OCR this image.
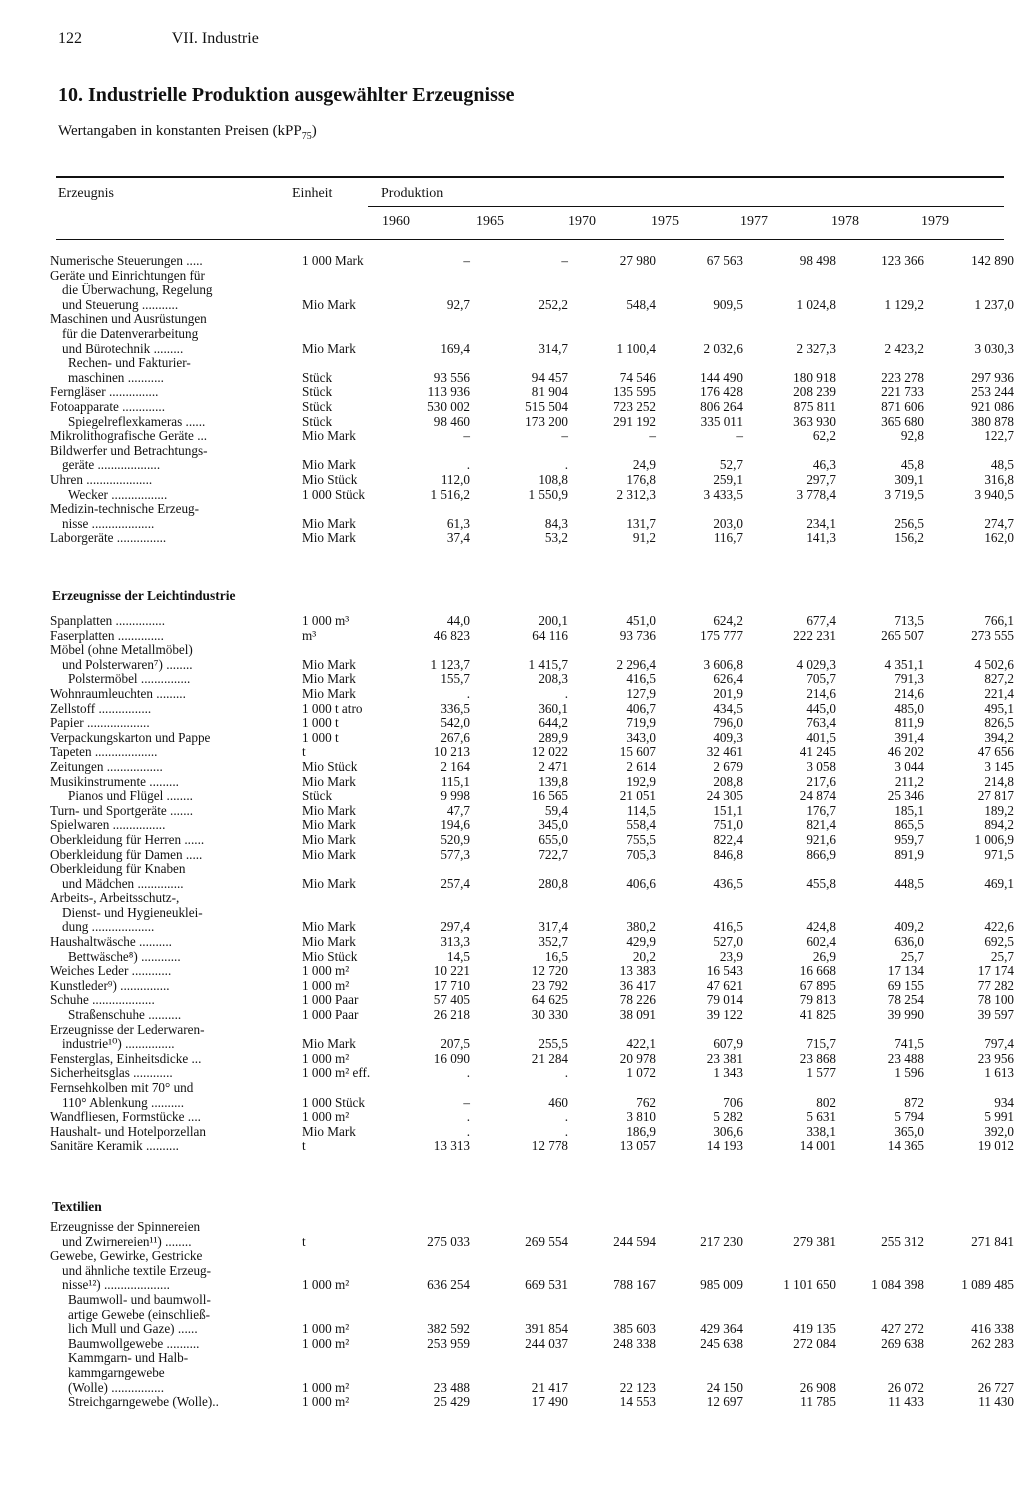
122	VII. Industrie
10. Industrielle Produktion ausgewählter Erzeugnisse
Wertangaben in konstanten Preisen (kPP$_{75}$)
Erzeugnis	Einheit	Produktion
1960	1965	1970	1975	1977	1978	1979
Numerische Steuerungen .....	1 000 Mark	–	–	27 980	67 563	98 498	123 366	142 890
Geräte und Einrichtungen für								
die Überwachung, Regelung								
und Steuerung ...........	Mio Mark	92,7	252,2	548,4	909,5	1 024,8	1 129,2	1 237,0
Maschinen und Ausrüstungen								
für die Datenverarbeitung								
und Bürotechnik .........	Mio Mark	169,4	314,7	1 100,4	2 032,6	2 327,3	2 423,2	3 030,3
Rechen- und Fakturier-								
maschinen ...........	Stück	93 556	94 457	74 546	144 490	180 918	223 278	297 936
Ferngläser ...............	Stück	113 936	81 904	135 595	176 428	208 239	221 733	253 244
Fotoapparate .............	Stück	530 002	515 504	723 252	806 264	875 811	871 606	921 086
Spiegelreflexkameras ......	Stück	98 460	173 200	291 192	335 011	363 930	365 680	380 878
Mikrolithografische Geräte ...	Mio Mark	–	–	–	–	62,2	92,8	122,7
Bildwerfer und Betrachtungs-								
geräte ...................	Mio Mark	.	.	24,9	52,7	46,3	45,8	48,5
Uhren ....................	Mio Stück	112,0	108,8	176,8	259,1	297,7	309,1	316,8
Wecker .................	1 000 Stück	1 516,2	1 550,9	2 312,3	3 433,5	3 778,4	3 719,5	3 940,5
Medizin-technische Erzeug-								
nisse ...................	Mio Mark	61,3	84,3	131,7	203,0	234,1	256,5	274,7
Laborgeräte ...............	Mio Mark	37,4	53,2	91,2	116,7	141,3	156,2	162,0
Erzeugnisse der Leichtindustrie
Spanplatten ...............	1 000 m³	44,0	200,1	451,0	624,2	677,4	713,5	766,1
Faserplatten ..............	m³	46 823	64 116	93 736	175 777	222 231	265 507	273 555
Möbel (ohne Metallmöbel)								
und Polsterwaren⁷) ........	Mio Mark	1 123,7	1 415,7	2 296,4	3 606,8	4 029,3	4 351,1	4 502,6
Polstermöbel ...............	Mio Mark	155,7	208,3	416,5	626,4	705,7	791,3	827,2
Wohnraumleuchten .........	Mio Mark	.	.	127,9	201,9	214,6	214,6	221,4
Zellstoff ................	1 000 t atro	336,5	360,1	406,7	434,5	445,0	485,0	495,1
Papier ...................	1 000 t	542,0	644,2	719,9	796,0	763,4	811,9	826,5
Verpackungskarton und Pappe	1 000 t	267,6	289,9	343,0	409,3	401,5	391,4	394,2
Tapeten ...................	t	10 213	12 022	15 607	32 461	41 245	46 202	47 656
Zeitungen .................	Mio Stück	2 164	2 471	2 614	2 679	3 058	3 044	3 145
Musikinstrumente .........	Mio Mark	115,1	139,8	192,9	208,8	217,6	211,2	214,8
Pianos und Flügel ........	Stück	9 998	16 565	21 051	24 305	24 874	25 346	27 817
Turn- und Sportgeräte .......	Mio Mark	47,7	59,4	114,5	151,1	176,7	185,1	189,2
Spielwaren ................	Mio Mark	194,6	345,0	558,4	751,0	821,4	865,5	894,2
Oberkleidung für Herren ......	Mio Mark	520,9	655,0	755,5	822,4	921,6	959,7	1 006,9
Oberkleidung für Damen .....	Mio Mark	577,3	722,7	705,3	846,8	866,9	891,9	971,5
Oberkleidung für Knaben								
und Mädchen ..............	Mio Mark	257,4	280,8	406,6	436,5	455,8	448,5	469,1
Arbeits-, Arbeitsschutz-,								
Dienst- und Hygieneuklei-								
dung ...................	Mio Mark	297,4	317,4	380,2	416,5	424,8	409,2	422,6
Haushaltwäsche ..........	Mio Mark	313,3	352,7	429,9	527,0	602,4	636,0	692,5
Bettwäsche⁸) ............	Mio Stück	14,5	16,5	20,2	23,9	26,9	25,7	25,7
Weiches Leder ............	1 000 m²	10 221	12 720	13 383	16 543	16 668	17 134	17 174
Kunstleder⁹) ...............	1 000 m²	17 710	23 792	36 417	47 621	67 895	69 155	77 282
Schuhe ...................	1 000 Paar	57 405	64 625	78 226	79 014	79 813	78 254	78 100
Straßenschuhe ..........	1 000 Paar	26 218	30 330	38 091	39 122	41 825	39 990	39 597
Erzeugnisse der Lederwaren-								
industrie¹⁰) ...............	Mio Mark	207,5	255,5	422,1	607,9	715,7	741,5	797,4
Fensterglas, Einheitsdicke ...	1 000 m²	16 090	21 284	20 978	23 381	23 868	23 488	23 956
Sicherheitsglas ............	1 000 m² eff.	.	.	1 072	1 343	1 577	1 596	1 613
Fernsehkolben mit 70° und								
110° Ablenkung ..........	1 000 Stück	–	460	762	706	802	872	934
Wandfliesen, Formstücke ....	1 000 m²	.	.	3 810	5 282	5 631	5 794	5 991
Haushalt- und Hotelporzellan	Mio Mark	.	.	186,9	306,6	338,1	365,0	392,0
Sanitäre Keramik ..........	t	13 313	12 778	13 057	14 193	14 001	14 365	19 012
Textilien
Erzeugnisse der Spinnereien								
und Zwirnereien¹¹) ........	t	275 033	269 554	244 594	217 230	279 381	255 312	271 841
Gewebe, Gewirke, Gestricke								
und ähnliche textile Erzeug-								
nisse¹²) ....................	1 000 m²	636 254	669 531	788 167	985 009	1 101 650	1 084 398	1 089 485
Baumwoll- und baumwoll-								
artige Gewebe (einschließ-								
lich Mull und Gaze) ......	1 000 m²	382 592	391 854	385 603	429 364	419 135	427 272	416 338
Baumwollgewebe ..........	1 000 m²	253 959	244 037	248 338	245 638	272 084	269 638	262 283
Kammgarn- und Halb-								
kammgarngewebe								
(Wolle) ................	1 000 m²	23 488	21 417	22 123	24 150	26 908	26 072	26 727
Streichgarngewebe (Wolle)..	1 000 m²	25 429	17 490	14 553	12 697	11 785	11 433	11 430
